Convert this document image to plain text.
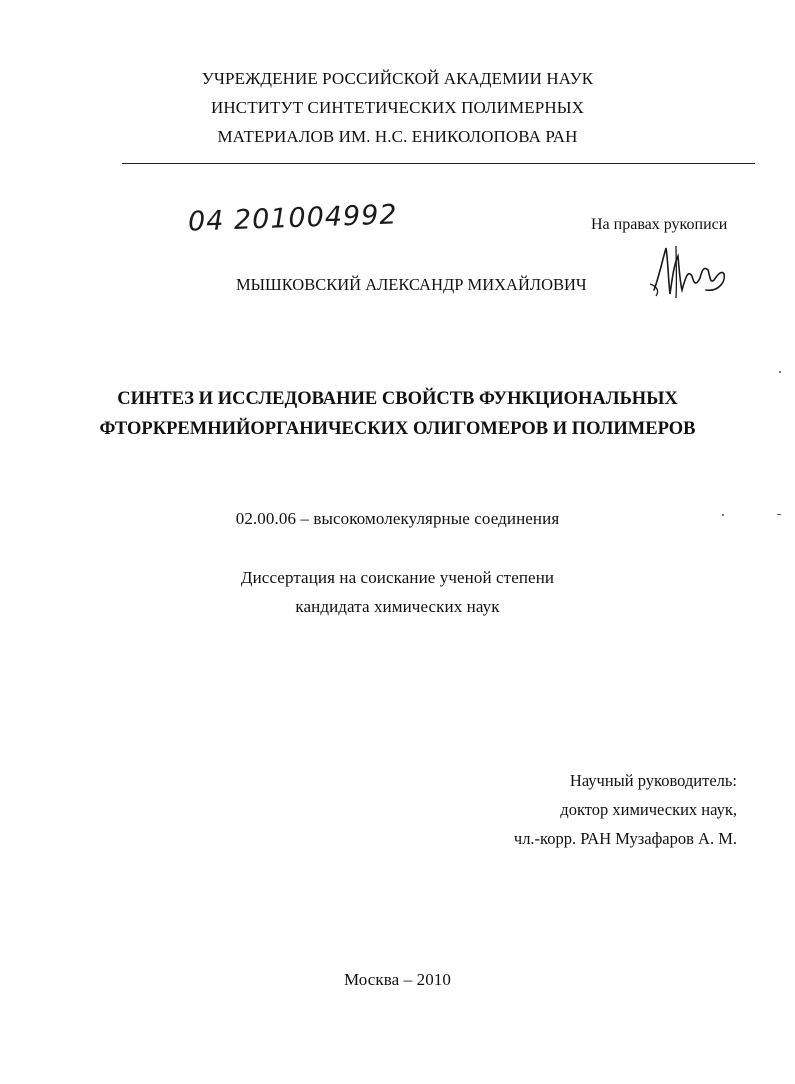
УЧРЕЖДЕНИЕ РОССИЙСКОЙ АКАДЕМИИ НАУК
ИНСТИТУТ СИНТЕТИЧЕСКИХ ПОЛИМЕРНЫХ
МАТЕРИАЛОВ ИМ. Н.С. ЕНИКОЛОПОВА РАН
04 201004992	На правах рукописи
МЫШКОВСКИЙ АЛЕКСАНДР МИХАЙЛОВИЧ
СИНТЕЗ И ИССЛЕДОВАНИЕ СВОЙСТВ ФУНКЦИОНАЛЬНЫХ
ФТОРКРЕМНИЙОРГАНИЧЕСКИХ ОЛИГОМЕРОВ И ПОЛИМЕРОВ
02.00.06 – высокомолекулярные соединения
Диссертация на соискание ученой степени
кандидата химических наук
Научный руководитель:
доктор химических наук,
чл.-корр. РАН Музафаров А. М.
Москва – 2010
